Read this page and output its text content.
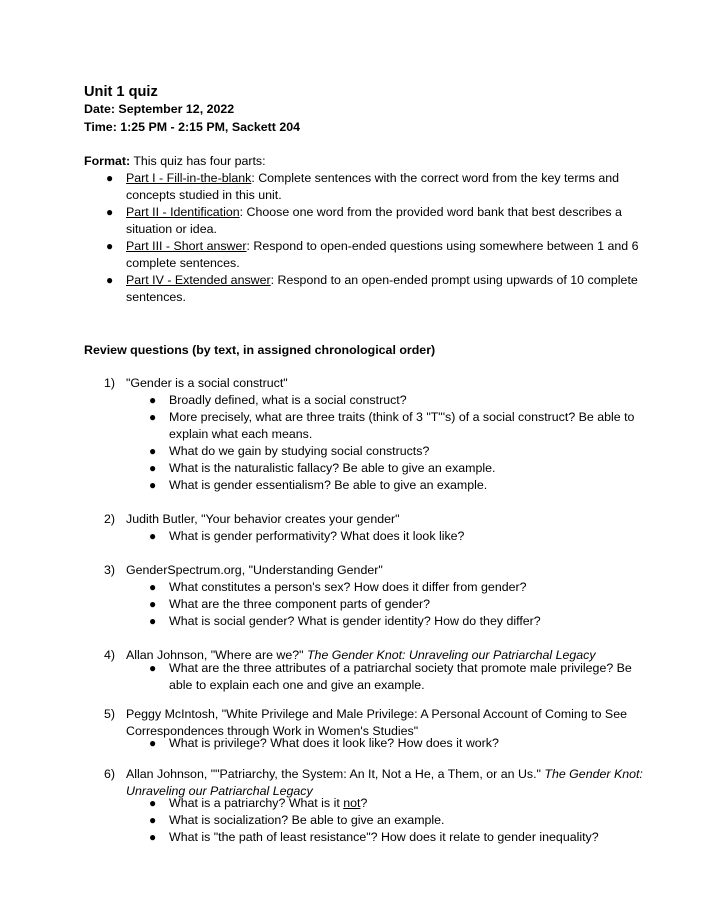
Unit 1 quiz
Date: September 12, 2022
Time: 1:25 PM - 2:15 PM, Sackett 204
Format: This quiz has four parts:
● Part I - Fill-in-the-blank: Complete sentences with the correct word from the key terms and concepts studied in this unit.
● Part II - Identification: Choose one word from the provided word bank that best describes a situation or idea.
● Part III - Short answer: Respond to open-ended questions using somewhere between 1 and 6 complete sentences.
● Part IV - Extended answer: Respond to an open-ended prompt using upwards of 10 complete sentences.
Review questions (by text, in assigned chronological order)
1) "Gender is a social construct"
● Broadly defined, what is a social construct?
● More precisely, what are three traits (think of 3 "T"'s) of a social construct? Be able to explain what each means.
● What do we gain by studying social constructs?
● What is the naturalistic fallacy? Be able to give an example.
● What is gender essentialism? Be able to give an example.
2) Judith Butler, "Your behavior creates your gender"
● What is gender performativity? What does it look like?
3) GenderSpectrum.org, "Understanding Gender"
● What constitutes a person's sex? How does it differ from gender?
● What are the three component parts of gender?
● What is social gender? What is gender identity? How do they differ?
4) Allan Johnson, "Where are we?" The Gender Knot: Unraveling our Patriarchal Legacy
● What are the three attributes of a patriarchal society that promote male privilege? Be able to explain each one and give an example.
5) Peggy McIntosh, "White Privilege and Male Privilege: A Personal Account of Coming to See Correspondences through Work in Women's Studies"
● What is privilege? What does it look like? How does it work?
6) Allan Johnson, ""Patriarchy, the System: An It, Not a He, a Them, or an Us." The Gender Knot: Unraveling our Patriarchal Legacy
● What is a patriarchy? What is it not?
● What is socialization? Be able to give an example.
● What is "the path of least resistance"? How does it relate to gender inequality?
